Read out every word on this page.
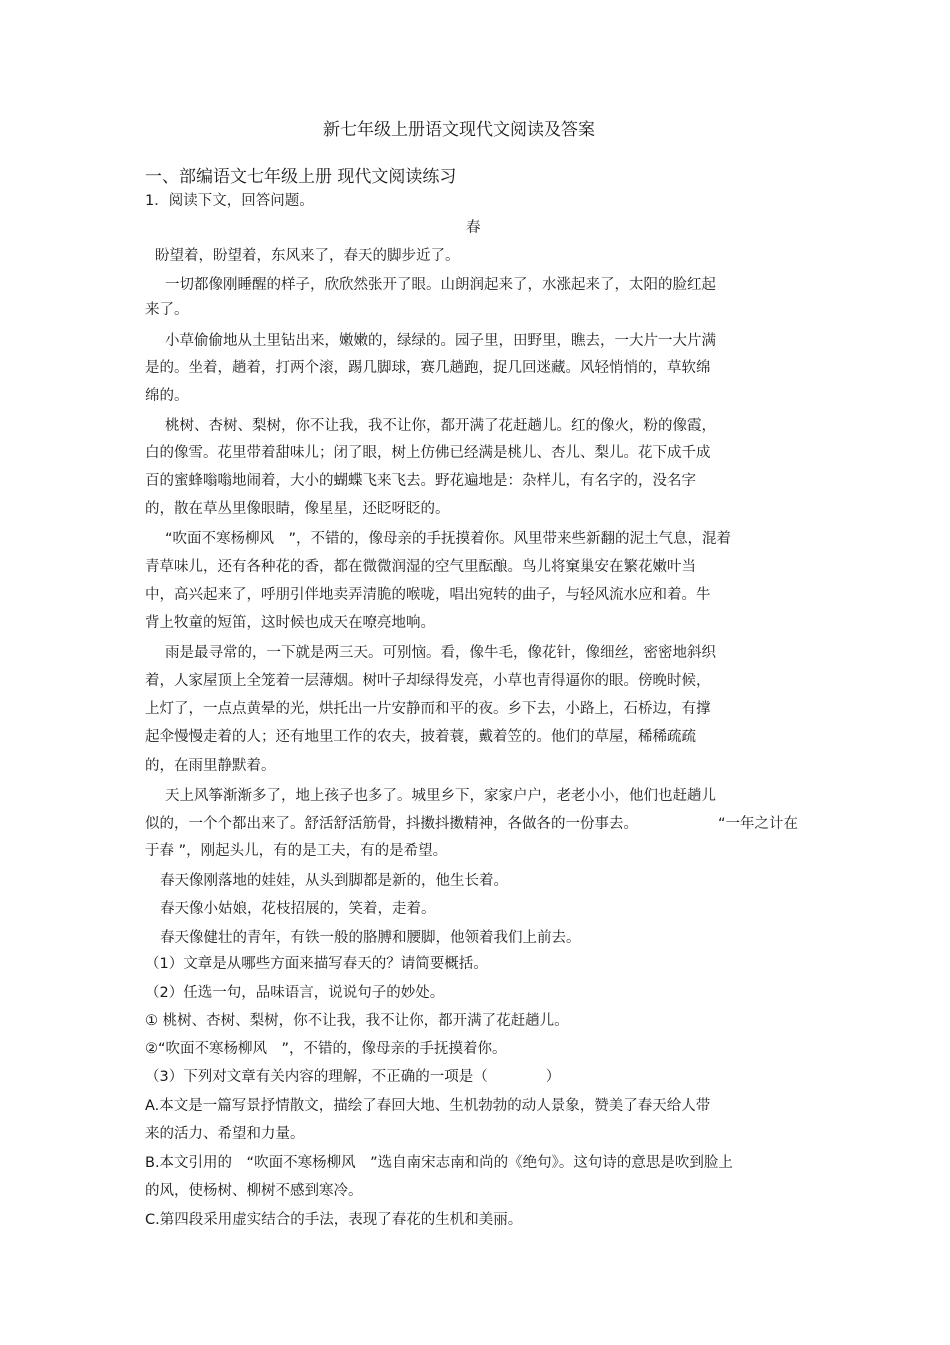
新七年级上册语文现代文阅读及答案
一、部编语文七年级上册 现代文阅读练习
1．阅读下文，回答问题。
春
盼望着，盼望着，东风来了，春天的脚步近了。
一切都像刚睡醒的样子，欣欣然张开了眼。山朗润起来了，水涨起来了，太阳的脸红起
来了。
小草偷偷地从土里钻出来，嫩嫩的，绿绿的。园子里，田野里，瞧去，一大片一大片满
是的。坐着，趟着，打两个滚，踢几脚球，赛几趟跑，捉几回迷藏。风轻悄悄的，草软绵
绵的。
桃树、杏树、梨树，你不让我，我不让你，都开满了花赶趟儿。红的像火，粉的像霞，
白的像雪。花里带着甜味儿；闭了眼，树上仿佛已经满是桃儿、杏儿、梨儿。花下成千成
百的蜜蜂嗡嗡地闹着，大小的蝴蝶飞来飞去。野花遍地是：杂样儿，有名字的，没名字
的，散在草丛里像眼睛，像星星，还眨呀眨的。
“吹面不寒杨柳风　”，不错的，像母亲的手抚摸着你。风里带来些新翻的泥土气息，混着
青草味儿，还有各种花的香，都在微微润湿的空气里酝酿。鸟儿将窠巢安在繁花嫩叶当
中，高兴起来了，呼朋引伴地卖弄清脆的喉咙，唱出宛转的曲子，与轻风流水应和着。牛
背上牧童的短笛，这时候也成天在嘹亮地响。
雨是最寻常的，一下就是两三天。可别恼。看，像牛毛，像花针，像细丝，密密地斜织
着，人家屋顶上全笼着一层薄烟。树叶子却绿得发亮，小草也青得逼你的眼。傍晚时候，
上灯了，一点点黄晕的光，烘托出一片安静而和平的夜。乡下去，小路上，石桥边，有撑
起伞慢慢走着的人；还有地里工作的农夫，披着蓑，戴着笠的。他们的草屋，稀稀疏疏
的，在雨里静默着。
天上风筝渐渐多了，地上孩子也多了。城里乡下，家家户户，老老小小，他们也赶趟儿
似的，一个个都出来了。舒活舒活筋骨，抖擞抖擞精神，各做各的一份事去。	“一年之计在
于春 ”，刚起头儿，有的是工夫，有的是希望。
春天像刚落地的娃娃，从头到脚都是新的，他生长着。
春天像小姑娘，花枝招展的，笑着，走着。
春天像健壮的青年，有铁一般的胳膊和腰脚，他领着我们上前去。
（1）文章是从哪些方面来描写春天的？请简要概括。
（2）任选一句，品味语言，说说句子的妙处。
① 桃树、杏树、梨树，你不让我，我不让你，都开满了花赶趟儿。
②“吹面不寒杨柳风　”，不错的，像母亲的手抚摸着你。
（3）下列对文章有关内容的理解，不正确的一项是（　　　　）
A.本文是一篇写景抒情散文，描绘了春回大地、生机勃勃的动人景象，赞美了春天给人带
来的活力、希望和力量。
B.本文引用的　“吹面不寒杨柳风　”选自南宋志南和尚的《绝句》。这句诗的意思是吹到脸上
的风，使杨树、柳树不感到寒冷。
C.第四段采用虚实结合的手法，表现了春花的生机和美丽。
